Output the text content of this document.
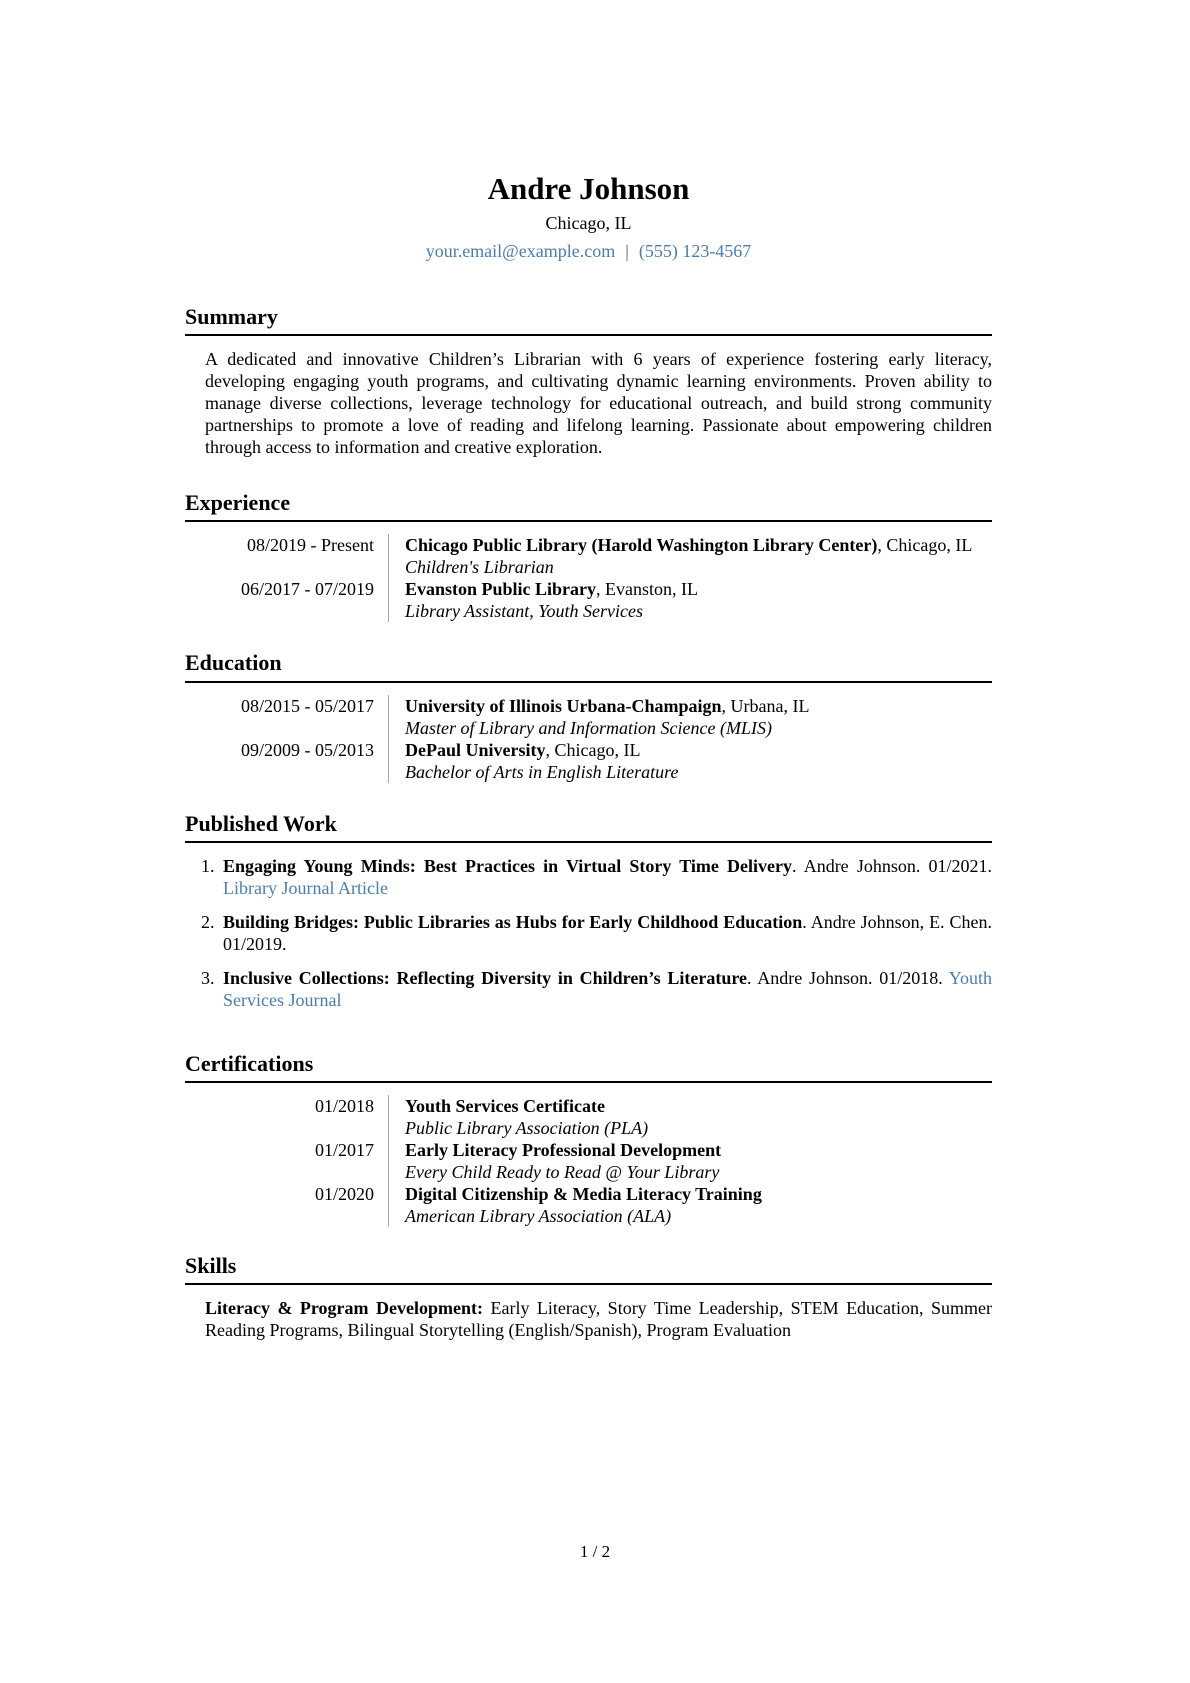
Andre Johnson
Chicago, IL
your.email@example.com | (555) 123-4567
Summary

A dedicated and innovative Children’s Librarian with 6 years of experience fostering early literacy, developing engaging youth programs, and cultivating dynamic learning environments. Proven ability to manage diverse collections, leverage technology for educational outreach, and build strong community partnerships to promote a love of reading and lifelong learning. Passionate about empowering children through access to information and creative exploration.

Experience
08/2019 - Present Chicago Public Library (Harold Washington Library Center), Chicago, IL

Children's Librarian

06/2017 - 07/2019 Evanston Public Library, Evanston, IL

Library Assistant, Youth Services

Education
08/2015 - 05/2017 University of Illinois Urbana-Champaign, Urbana, IL

Master of Library and Information Science (MLIS)

09/2009 - 05/2013 DePaul University, Chicago, IL

Bachelor of Arts in English Literature

Published Work
1. Engaging Young Minds: Best Practices in Virtual Story Time Delivery. Andre Johnson. 01/2021. Library Journal Article

2. Building Bridges: Public Libraries as Hubs for Early Childhood Education. Andre Johnson, E. Chen. 01/2019.

3. Inclusive Collections: Reflecting Diversity in Children’s Literature. Andre Johnson. 01/2018. Youth Services Journal

Certifications
01/2018 Youth Services Certificate

Public Library Association (PLA)

01/2017 Early Literacy Professional Development

Every Child Ready to Read @ Your Library

01/2020 Digital Citizenship & Media Literacy Training

American Library Association (ALA)

Skills

Literacy & Program Development: Early Literacy, Story Time Leadership, STEM Education, Summer Reading Programs, Bilingual Storytelling (English/Spanish), Program Evaluation

1 / 2
